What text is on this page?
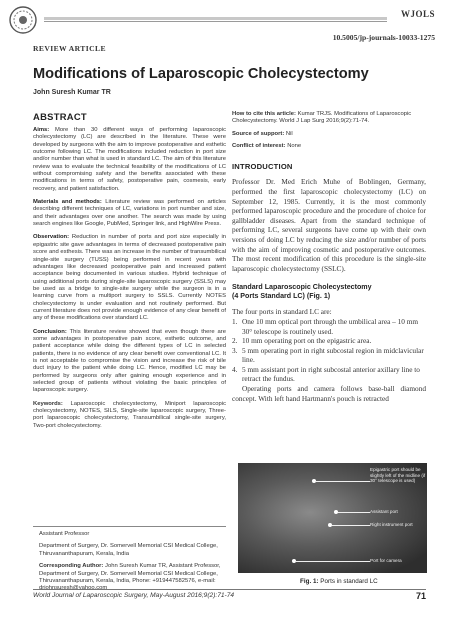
WJOLS
10.5005/jp-journals-10033-1275
REVIEW ARTICLE
Modifications of Laparoscopic Cholecystectomy
John Suresh Kumar TR
ABSTRACT

Aims: More than 30 different ways of performing laparoscopic cholecystectomy (LC) are described in the literature. These were developed by surgeons with the aim to improve postoperative and esthetic outcome following LC. The modifications included reduction in port size and/or number than what is used in standard LC. The aim of this literature review was to evaluate the technical feasibility of the modifications of LC without compromising safety and the benefits associated with these modifications in terms of safety, postoperative pain, cosmesis, early recovery, and patient satisfaction.

Materials and methods: Literature review was performed on articles describing different techniques of LC, variations in port number and size, and their advantages over one another. The search was made by using search engines like Google, PubMed, Springer link, and HighWire Press.

Observation: Reduction in number of ports and port size especially in epigastric site gave advantages in terms of decreased postoperative pain score and esthesis. There was an increase in the number of transumbilical single-site surgery (TUSS) being performed in recent years with advantages like decreased postoperative pain and increased patient acceptance being documented in various studies. Hybrid technique of using additional ports during single-site laparoscopic surgery (SSLS) may be used as a bridge to single-site surgery while the surgeon is in a learning curve from a multiport surgery to SSLS. Currently NOTES cholecystectomy is under evaluation and not routinely performed. But current literature does not provide enough evidence of any clear benefit of any of these modifications over standard LC.

Conclusion: This literature review showed that even though there are some advantages in postoperative pain score, esthetic outcome, and patient acceptance while doing the different types of LC in selected patients, there is no evidence of any clear benefit over conventional LC. It is not acceptable to compromise the vision and increase the risk of bile duct injury to the patient while doing LC. Hence, modified LC may be performed by surgeons only after gaining enough experience and in selected group of patients without violating the basic principles of laparoscopic surgery.

Keywords: Laparoscopic cholecystectomy, Miniport laparoscopic cholecystectomy, NOTES, SILS, Single-site laparoscopic surgery, Three-port laparoscopic cholecystectomy, Transumbilical single-site surgery, Two-port cholecystectomy.

Assistant Professor

Department of Surgery, Dr. Somervell Memorial CSI Medical College, Thiruvananthapuram, Kerala, India

Corresponding Author: John Suresh Kumar TR, Assistant Professor, Department of Surgery, Dr. Somervell Memorial CSI Medical College, Thiruvananthapuram, Kerala, India, Phone: +919447582576, e-mail:

How to cite this article: Kumar TRJS. Modifications of Laparoscopic Cholecystectomy. World J Lap Surg 2016;9(2):71-74.

Source of support: Nil

Conflict of interest: None

INTRODUCTION

Professor Dr. Med Erich Muhe of Boblingen, Germany, performed the first laparoscopic cholecystectomy (LC) on September 12, 1985. Currently, it is the most commonly performed laparoscopic procedure and the procedure of choice for gallbladder diseases. Apart from the standard technique of performing LC, several surgeons have come up with their own versions of doing LC by reducing the size and/or number of ports with the aim of improving cosmetic and postoperative outcomes. The most recent modification of this procedure is the single-site laparoscopic cholecystectomy (SSLC).

Standard Laparoscopic Cholecystectomy
(4 Ports Standard LC) (Fig. 1)

The four ports in standard LC are:

1. One 10 mm optical port through the umbilical area – 10 mm 30° telescope is routinely used.
2. 10 mm operating port on the epigastric area.
3. 5 mm operating port in right subcostal region in midclavicular line.
4. 5 mm assistant port in right subcostal anterior axillary line to retract the fundus.

Operating ports and camera follows base-ball diamond concept. With left hand Hartmann's pouch is retracted

Epigastric port should be slightly left of the midline (if 30° telescope is used)
Assistant port
Right instrument port
Port for camera
Fig. 1: Ports in standard LC
World Journal of Laparoscopic Surgery, May-August 2016;9(2):71-74	71
